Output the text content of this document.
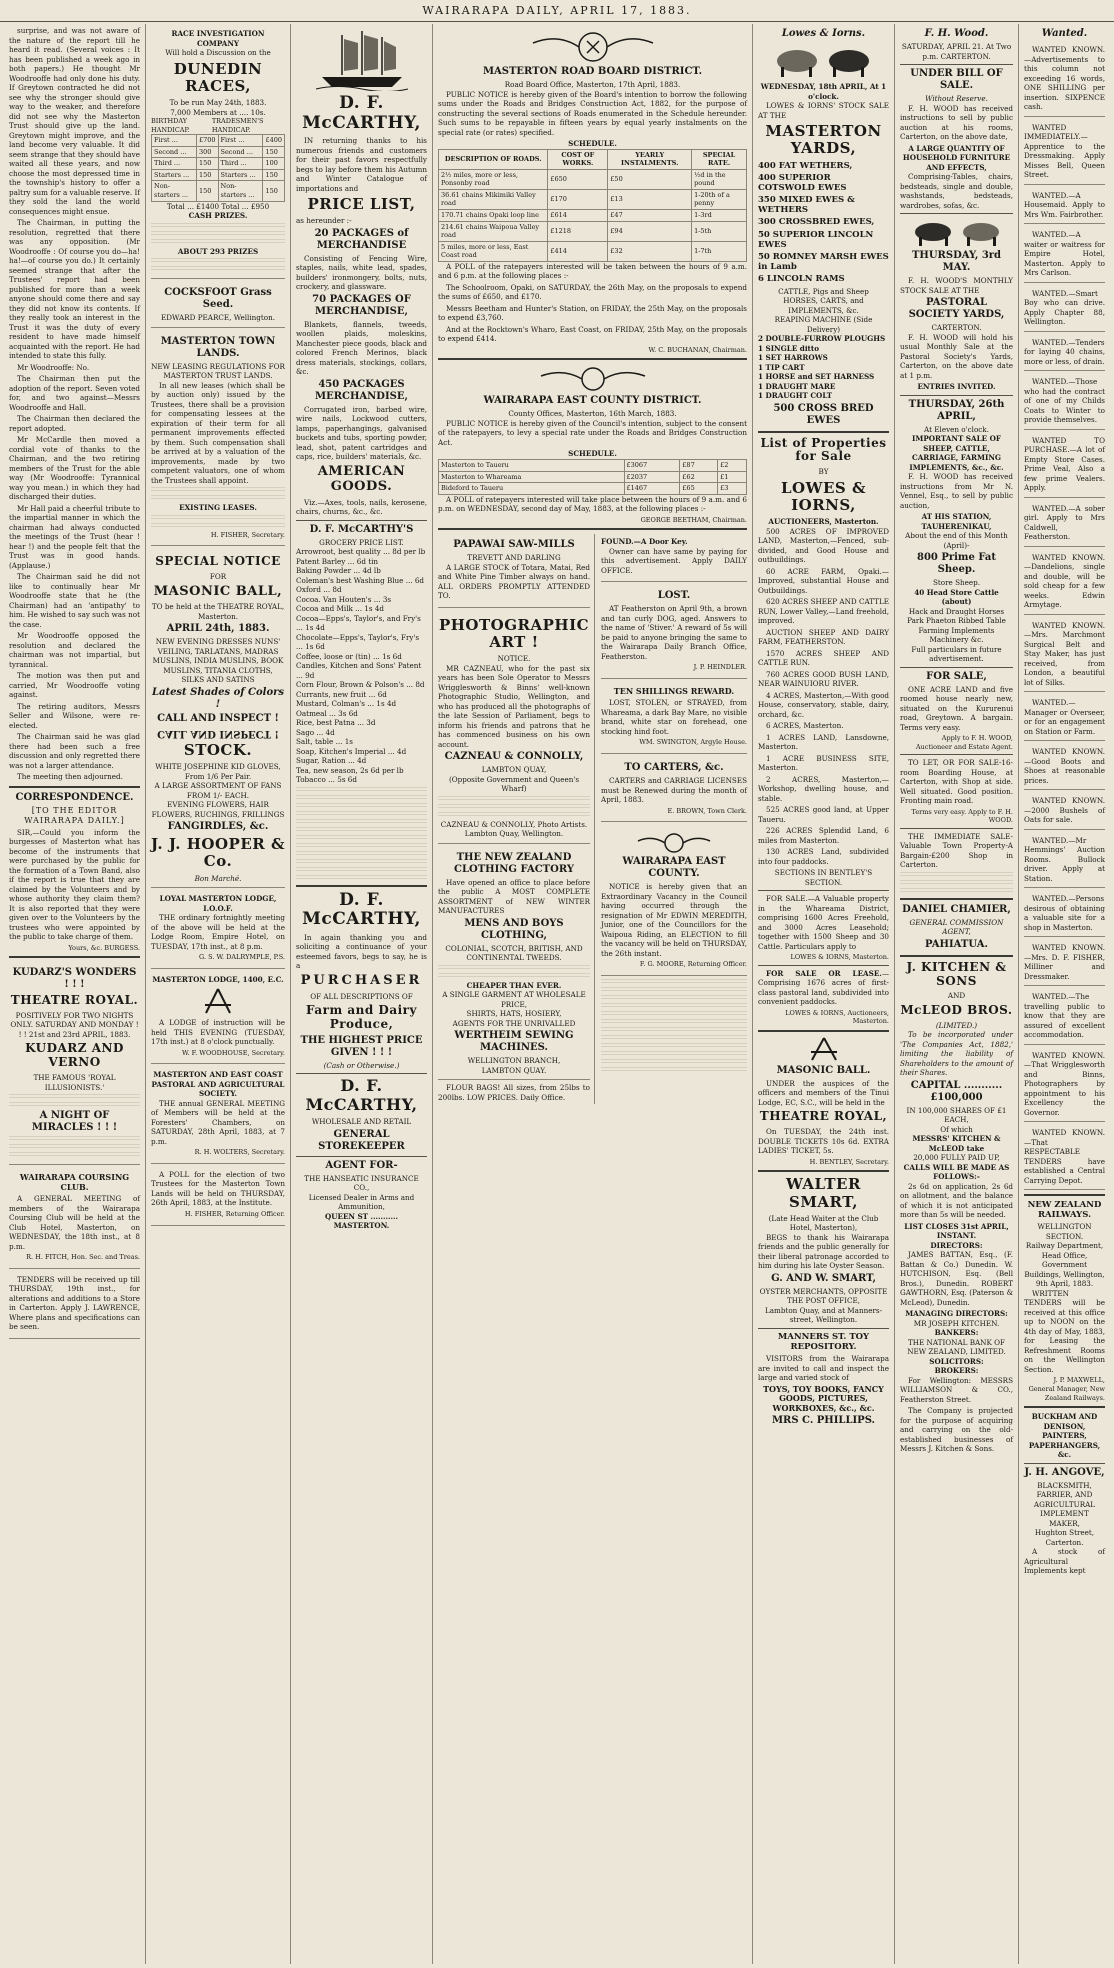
WAIRARAPA DAILY, APRIL 17, 1883.

surprise, and was not aware of the nature of the report till he heard it read. (Several voices : It has been published a week ago in both papers.) He thought Mr Woodrooffe had only done his duty. If Greytown contracted he did not see why the stronger should give way to the weaker, and therefore did not see why the Masterton Trust should give up the land. Greytown might improve, and the land become very valuable. It did seem strange that they should have waited all these years, and now choose the most depressed time in the township's history to offer a paltry sum for a valuable reserve. If they sold the land the world consequences might ensue.

The Chairman, in putting the resolution, regretted that there was any opposition. (Mr Woodrooffe : Of course you do—ha! ha!—of course you do.) It certainly seemed strange that after the Trustees' report had been published for more than a week anyone should come there and say they did not know its contents. If they really took an interest in the Trust it was the duty of every resident to have made himself acquainted with the report. He had intended to state this fully.

Mr Woodrooffe: No.

The Chairman then put the adoption of the report. Seven voted for, and two against—Messrs Woodrooffe and Hall.

The Chairman then declared the report adopted.

Mr McCardle then moved a cordial vote of thanks to the Chairman, and the two retiring members of the Trust for the able way (Mr Woodrooffe: Tyrannical way you mean.) in which they had discharged their duties.

Mr Hall paid a cheerful tribute to the impartial manner in which the chairman had always conducted the meetings of the Trust (hear ! hear !) and the people felt that the Trust was in good hands. (Applause.)

The Chairman said he did not like to continually hear Mr Woodrooffe state that he (the Chairman) had an 'antipathy' to him. He wished to say such was not the case.

Mr Woodrooffe opposed the resolution and declared the chairman was not impartial, but tyrannical.

The motion was then put and carried, Mr Woodrooffe voting against.

The retiring auditors, Messrs Seller and Wilsone, were re-elected.

The Chairman said he was glad there had been such a free discussion and only regretted there was not a larger attendance.

The meeting then adjourned.

CORRESPONDENCE.
[TO THE EDITOR WAIRARAPA DAILY.]

SIR,—Could you inform the burgesses of Masterton what has become of the instruments that were purchased by the public for the formation of a Town Band, also if the report is true that they are claimed by the Volunteers and by whose authority they claim them? It is also reported that they were given over to the Volunteers by the trustees who were appointed by the public to take charge of them.

Yours, &c. BURGESS.

KUDARZ'S WONDERS ! ! !
THEATRE ROYAL.
POSITIVELY FOR TWO NIGHTS ONLY. SATURDAY AND MONDAY ! ! ! 21st and 23rd APRIL, 1883.
KUDARZ AND VERNO
THE FAMOUS 'ROYAL ILLUSIONISTS.'
A NIGHT OF MIRACLES ! ! !
WAIRARAPA COURSING CLUB.

A GENERAL MEETING of members of the Wairarapa Coursing Club will be held at the Club Hotel, Masterton, on WEDNESDAY, the 18th inst., at 8 p.m.

R. H. FITCH, Hon. Sec. and Treas.

TENDERS will be received up till THURSDAY, 19th inst., for alterations and additions to a Store in Carterton. Apply J. LAWRENCE, Where plans and specifications can be seen.

RACE INVESTIGATION COMPANY
Will hold a Discussion on the
DUNEDIN RACES,
To be run May 24th, 1883.
7,000 Members at .... 10s.
BIRTHDAY HANDICAP.
TRADESMEN'S HANDICAP.
First ...	£700	First ...	£400
Second ...	300	Second ...	150
Third ...	150	Third ...	100
Starters ...	150	Starters ...	150
Non-starters ...	150	Non-starters ...	150
Total ... £1400 Total ... £950
CASH PRIZES.
ABOUT 293 PRIZES
COCKSFOOT Grass Seed.
EDWARD PEARCE, Wellington.
MASTERTON TOWN LANDS.
NEW LEASING REGULATIONS FOR MASTERTON TRUST LANDS.

In all new leases (which shall be by auction only) issued by the Trustees, there shall be a provision for compensating lessees at the expiration of their term for all permanent improvements effected by them. Such compensation shall be arrived at by a valuation of the improvements, made by two competent valuators, one of whom the Trustees shall appoint.

EXISTING LEASES.

H. FISHER, Secretary.

SPECIAL NOTICE
FOR
MASONIC BALL,
TO be held at the THEATRE ROYAL, Masterton.
APRIL 24th, 1883.
NEW EVENING DRESSES NUNS' VEILING, TARLATANS, MADRAS MUSLINS, INDIA MUSLINS, BOOK MUSLINS, TITANIA CLOTHS, SILKS AND SATINS
Latest Shades of Colors !
CALL AND INSPECT !
CALL AND INSPECT !
STOCK.
WHITE JOSEPHINE KID GLOVES, From 1/6 Per Pair.
A LARGE ASSORTMENT OF FANS FROM 1/- EACH.
EVENING FLOWERS, HAIR FLOWERS, RUCHINGS, FRILLINGS
FANGIRDLES, &c.
J. J. HOOPER & Co.
Bon Marché.
LOYAL MASTERTON LODGE, I.O.O.F.

THE ordinary fortnightly meeting of the above will be held at the Lodge Room, Empire Hotel, on TUESDAY, 17th inst., at 8 p.m.

G. S. W. DALRYMPLE, P.S.

MASTERTON LODGE, 1400, E.C.

A LODGE of instruction will be held THIS EVENING (TUESDAY, 17th inst.) at 8 o'clock punctually.

W. F. WOODHOUSE, Secretary.

MASTERTON AND EAST COAST PASTORAL AND AGRICULTURAL SOCIETY.

THE annual GENERAL MEETING of Members will be held at the Foresters' Chambers, on SATURDAY, 28th April, 1883, at 7 p.m.

R. H. WOLTERS, Secretary.

A POLL for the election of two Trustees for the Masterton Town Lands will be held on THURSDAY, 26th April, 1883, at the Institute.

H. FISHER, Returning Officer.

D. F. McCARTHY,

IN returning thanks to his numerous friends and customers for their past favors respectfully begs to lay before them his Autumn and Winter Catalogue of importations and

PRICE LIST,
as hereunder :-
20 PACKAGES of MERCHANDISE

Consisting of Fencing Wire, staples, nails, white lead, spades, builders' ironmongery, bolts, nuts, crockery, and glassware.

70 PACKAGES OF MERCHANDISE,

Blankets, flannels, tweeds, woollen plaids, moleskins, Manchester piece goods, black and colored French Merinos, black dress materials, stockings, collars, &c.

450 PACKAGES MERCHANDISE,

Corrugated iron, barbed wire, wire nails, Lockwood cutters, lamps, paperhangings, galvanised buckets and tubs, sporting powder, lead, shot, patent cartridges and caps, rice, builders' materials, &c.

AMERICAN GOODS.

Viz.—Axes, tools, nails, kerosene, chairs, churns, &c., &c.

D. F. McCARTHY'S
GROCERY PRICE LIST.
Arrowroot, best quality ... 8d per lb
Patent Barley ... 6d tin
Baking Powder ... 4d lb
Coleman's best Washing Blue ... 6d
Oxford ... 8d
Cocoa. Van Houten's ... 3s
Cocoa and Milk ... 1s 4d
Cocoa—Epps's, Taylor's, and Fry's ... 1s 4d
Chocolate—Epps's, Taylor's, Fry's ... 1s 6d
Coffee, loose or (tin) ... 1s 6d
Candles, Kitchen and Sons' Patent ... 9d
Corn Flour, Brown & Polson's ... 8d
Currants, new fruit ... 6d
Mustard, Colman's ... 1s 4d
Oatmeal ... 3s 6d
Rice, best Patna ... 3d
Sago ... 4d
Salt, table ... 1s
Soap, Kitchen's Imperial ... 4d
Sugar, Ration ... 4d
Tea, new season, 2s 6d per lb
Tobacco ... 5s 6d
D. F. McCARTHY,

In again thanking you and soliciting a continuance of your esteemed favors, begs to say, he is a

PURCHASER
OF ALL DESCRIPTIONS OF
Farm and Dairy Produce,
THE HIGHEST PRICE GIVEN ! ! !
(Cash or Otherwise.)
D. F. McCARTHY,
WHOLESALE AND RETAIL
GENERAL STOREKEEPER
AGENT FOR-
THE HANSEATIC INSURANCE CO.,
Licensed Dealer in Arms and Ammunition,
QUEEN ST ........... MASTERTON.
MASTERTON ROAD BOARD DISTRICT.
Road Board Office, Masterton, 17th April, 1883.

PUBLIC NOTICE is hereby given of the Board's intention to borrow the following sums under the Roads and Bridges Construction Act, 1882, for the purpose of constructing the several sections of Roads enumerated in the Schedule hereunder. Such sums to be repayable in fifteen years by equal yearly instalments on the special rate (or rates) specified.

SCHEDULE.
DESCRIPTION OF ROADS.	COST OF WORKS.	YEARLY INSTALMENTS.	SPECIAL RATE.
2½ miles, more or less, Ponsonby road	£650	£50	½d in the pound
36.61 chains Mikimiki Valley road	£170	£13	1-20th of a penny
170.71 chains Opaki loop line	£614	£47	1-3rd
214.61 chains Waipoua Valley road	£1218	£94	1-5th
5 miles, more or less, East Coast road	£414	£32	1-7th

A POLL of the ratepayers interested will be taken between the hours of 9 a.m. and 6 p.m. at the following places :-

The Schoolroom, Opaki, on SATURDAY, the 26th May, on the proposals to expend the sums of £650, and £170.

Messrs Beetham and Hunter's Station, on FRIDAY, the 25th May, on the proposals to expend £3,760.

And at the Rocktown's Wharo, East Coast, on FRIDAY, 25th May, on the proposals to expend £414.

W. C. BUCHANAN, Chairman.

WAIRARAPA EAST COUNTY DISTRICT.
County Offices, Masterton, 16th March, 1883.

PUBLIC NOTICE is hereby given of the Council's intention, subject to the consent of the ratepayers, to levy a special rate under the Roads and Bridges Construction Act.

SCHEDULE.
Masterton to Taueru	£3067	£87	£2
Masterton to Whareama	£2037	£62	£1
Bideford to Taueru	£1467	£65	£3

A POLL of ratepayers interested will take place between the hours of 9 a.m. and 6 p.m. on WEDNESDAY, second day of May, 1883, at the following places :-

GEORGE BEETHAM, Chairman.

PAPAWAI SAW-MILLS
TREVETT AND DARLING

A LARGE STOCK of Totara, Matai, Red and White Pine Timber always on hand. ALL ORDERS PROMPTLY ATTENDED TO.

PHOTOGRAPHIC ART !
NOTICE.

MR CAZNEAU, who for the past six years has been Sole Operator to Messrs Wrigglesworth & Binns' well-known Photographic Studio, Wellington, and who has produced all the photographs of the late Session of Parliament, begs to inform his friends and patrons that he has commenced business on his own account.

CAZNEAU & CONNOLLY,
LAMBTON QUAY,
(Opposite Government and Queen's Wharf)
CAZNEAU & CONNOLLY, Photo Artists.
Lambton Quay, Wellington.
THE NEW ZEALAND CLOTHING FACTORY

Have opened an office to place before the public A MOST COMPLETE ASSORTMENT of NEW WINTER MANUFACTURES

MENS AND BOYS CLOTHING,
COLONIAL, SCOTCH, BRITISH, AND CONTINENTAL TWEEDS.
CHEAPER THAN EVER.
A SINGLE GARMENT AT WHOLESALE PRICE,
SHIRTS, HATS, HOSIERY,
AGENTS FOR THE UNRIVALLED
WERTHEIM SEWING MACHINES.
WELLINGTON BRANCH,
LAMBTON QUAY.

FLOUR BAGS! All sizes, from 25lbs to 200lbs. LOW PRICES. Daily Office.

FOUND.—A Door Key.

Owner can have same by paying for this advertisement. Apply DAILY OFFICE.

LOST.

AT Featherston on April 9th, a brown and tan curly DOG, aged. Answers to the name of 'Stiver.' A reward of 5s will be paid to anyone bringing the same to the Wairarapa Daily Branch Office, Featherston.

J. P. HEINDLER.

TEN SHILLINGS REWARD.

LOST, STOLEN, or STRAYED, from Whareama, a dark Bay Mare, no visible brand, white star on forehead, one stocking hind foot.

WM. SWINGTON, Argyle House.

TO CARTERS, &c.

CARTERS and CARRIAGE LICENSES must be Renewed during the month of April, 1883.

E. BROWN, Town Clerk.

WAIRARAPA EAST COUNTY.

NOTICE is hereby given that an Extraordinary Vacancy in the Council having occurred through the resignation of Mr EDWIN MEREDITH, Junior, one of the Councillors for the Waipoua Riding, an ELECTION to fill the vacancy will be held on THURSDAY, the 26th instant.

F. G. MOORE, Returning Officer.

Lowes & Iorns.
WEDNESDAY, 18th APRIL, At 1 o'clock.

LOWES & IORNS' STOCK SALE AT THE

MASTERTON YARDS,
400 FAT WETHERS,
400 SUPERIOR COTSWOLD EWES
350 MIXED EWES & WETHERS
300 CROSSBRED EWES,
50 SUPERIOR LINCOLN EWES
50 ROMNEY MARSH EWES in Lamb
6 LINCOLN RAMS
CATTLE, Pigs and Sheep
HORSES, CARTS, and IMPLEMENTS, &c.
REAPING MACHINE (Side Delivery)
2 DOUBLE-FURROW PLOUGHS
1 SINGLE ditto
1 SET HARROWS
1 TIP CART
1 HORSE and SET HARNESS
1 DRAUGHT MARE
1 DRAUGHT COLT
500 CROSS BRED EWES
List of Properties for Sale
BY
LOWES & IORNS,
AUCTIONEERS, Masterton.

500 ACRES OF IMPROVED LAND, Masterton,—Fenced, sub-divided, and Good House and outbuildings.

60 ACRE FARM, Opaki.—Improved, substantial House and Outbuildings.

620 ACRES SHEEP AND CATTLE RUN, Lower Valley,—Land freehold, improved.

AUCTION SHEEP AND DAIRY FARM, FEATHERSTON.

1570 ACRES SHEEP AND CATTLE RUN.

760 ACRES GOOD BUSH LAND, NEAR WAINUIORU RIVER.

4 ACRES, Masterton,—With good House, conservatory, stable, dairy, orchard, &c.

6 ACRES, Masterton.

1 ACRES LAND, Lansdowne, Masterton.

1 ACRE BUSINESS SITE, Masterton.

2 ACRES, Masterton,—Workshop, dwelling house, and stable.

525 ACRES good land, at Upper Taueru.

226 ACRES Splendid Land, 6 miles from Masterton.

130 ACRES Land, subdivided into four paddocks.

SECTIONS IN BENTLEY'S SECTION.

FOR SALE.—A Valuable property in the Whareama District, comprising 1600 Acres Freehold, and 3000 Acres Leasehold; together with 1500 Sheep and 30 Cattle. Particulars apply to

LOWES & IORNS, Masterton.

FOR SALE OR LEASE.—Comprising 1676 acres of first-class pastoral land, subdivided into convenient paddocks.

LOWES & IORNS, Auctioneers, Masterton.

MASONIC BALL.

UNDER the auspices of the officers and members of the Tinui Lodge, EC, S.C., will be held in the

THEATRE ROYAL,

On TUESDAY, the 24th inst. DOUBLE TICKETS 10s 6d. EXTRA LADIES' TICKET, 5s.

H. BENTLEY, Secretary.

WALTER SMART,
(Late Head Waiter at the Club Hotel, Masterton),

BEGS to thank his Wairarapa friends and the public generally for their liberal patronage accorded to him during his late Oyster Season.

G. AND W. SMART,
OYSTER MERCHANTS, OPPOSITE THE POST OFFICE,
Lambton Quay, and at Manners-street, Wellington.
MANNERS ST. TOY REPOSITORY.

VISITORS from the Wairarapa are invited to call and inspect the large and varied stock of

TOYS, TOY BOOKS, FANCY GOODS, PICTURES, WORKBOXES, &c., &c.
MRS C. PHILLIPS.
F. H. Wood.
SATURDAY, APRIL 21. At Two p.m. CARTERTON.
UNDER BILL OF SALE.
Without Reserve.

F. H. WOOD has received instructions to sell by public auction at his rooms, Carterton, on the above date,

A LARGE QUANTITY OF HOUSEHOLD FURNITURE AND EFFECTS,

Comprising-Tables, chairs, bedsteads, single and double, washstands, bedsteads, wardrobes, sofas, &c.

THURSDAY, 3rd MAY.

F. H. WOOD'S MONTHLY STOCK SALE AT THE

PASTORAL SOCIETY YARDS,
CARTERTON.

F. H. WOOD will hold his usual Monthly Sale at the Pastoral Society's Yards, Carterton, on the above date at 1 p.m.

ENTRIES INVITED.
THURSDAY, 26th APRIL,
At Eleven o'clock.
IMPORTANT SALE OF SHEEP, CATTLE, CARRIAGE, FARMING IMPLEMENTS, &c., &c.

F. H. WOOD has received instructions from Mr N. Vennel, Esq., to sell by public auction,

AT HIS STATION, TAUHERENIKAU,
About the end of this Month (April)-
800 Prime Fat Sheep.
Store Sheep.
40 Head Store Cattle (about)
Hack and Draught Horses Park Phaeton Ribbed Table Farming Implements Machinery &c.
Full particulars in future advertisement.
FOR SALE,

ONE ACRE LAND and five roomed house nearly new, situated on the Kururenui road, Greytown. A bargain. Terms very easy.

Apply to F. H. WOOD, Auctioneer and Estate Agent.

TO LET, OR FOR SALE-16-room Boarding House, at Carterton, with Shop at side. Well situated. Good position. Fronting main road.

Terms very easy. Apply to F. H. WOOD.

THE IMMEDIATE SALE-Valuable Town Property-A Bargain-£200 Shop in Carterton.

DANIEL CHAMIER,
GENERAL COMMISSION AGENT,
PAHIATUA.
J. KITCHEN & SONS
AND
McLEOD BROS.
(LIMITED.)

To be incorporated under 'The Companies Act, 1882,' limiting the liability of Shareholders to the amount of their Shares.

CAPITAL ........... £100,000
IN 100,000 SHARES OF £1 EACH,
Of which
MESSRS' KITCHEN & McLEOD take
20,000 FULLY PAID UP,
CALLS WILL BE MADE AS FOLLOWS:-

2s 6d on application, 2s 6d on allotment, and the balance of which it is not anticipated more than 5s will be needed.

LIST CLOSES 31st APRIL, INSTANT.
DIRECTORS:

JAMES BATTAN, Esq., (F. Battan & Co.) Dunedin. W. HUTCHISON, Esq. (Bell Bros.), Dunedin. ROBERT GAWTHORN, Esq. (Paterson & McLeod), Dunedin.

MANAGING DIRECTORS:
MR JOSEPH KITCHEN.
BANKERS:
THE NATIONAL BANK OF NEW ZEALAND, LIMITED.
SOLICITORS:
BROKERS:

For Wellington: MESSRS WILLIAMSON & CO., Featherston Street.

The Company is projected for the purpose of acquiring and carrying on the old-established businesses of Messrs J. Kitchen & Sons.

Wanted.

WANTED KNOWN.—Advertisements to this column not exceeding 16 words, ONE SHILLING per insertion. SIXPENCE cash.

WANTED IMMEDIATELY.—Apprentice to the Dressmaking. Apply Misses Bell, Queen Street.

WANTED.—A Housemaid. Apply to Mrs Wm. Fairbrother.

WANTED.—A waiter or waitress for Empire Hotel, Masterton. Apply to Mrs Carlson.

WANTED.—Smart Boy who can drive. Apply Chapter 88, Wellington.

WANTED.—Tenders for laying 40 chains, more or less, of drain.

WANTED.—Those who had the contract of one of my Childs Coats to Winter to provide themselves.

WANTED TO PURCHASE.—A lot of Empty Store Cases. Prime Veal, Also a few prime Vealers. Apply.

WANTED.—A sober girl. Apply to Mrs Caldwell, Featherston.

WANTED KNOWN.—Dandelions, single and double, will be sold cheap for a few weeks. Edwin Armytage.

WANTED KNOWN.—Mrs. Marchmont Surgical Belt and Stay Maker, has just received, from London, a beautiful lot of Silks.

WANTED.—Manager or Overseer, or for an engagement on Station or Farm.

WANTED KNOWN.—Good Boots and Shoes at reasonable prices.

WANTED KNOWN.—2000 Bushels of Oats for sale.

WANTED.—Mr Hemmings' Auction Rooms. Bullock driver. Apply at Station.

WANTED.—Persons desirous of obtaining a valuable site for a shop in Masterton.

WANTED KNOWN.—Mrs. D. F. FISHER, Milliner and Dressmaker.

WANTED.—The travelling public to know that they are assured of excellent accommodation.

WANTED KNOWN.—That Wrigglesworth and Binns, Photographers by appointment to his Excellency the Governor.

WANTED KNOWN.—That RESPECTABLE TENDERS have established a Central Carrying Depot.

NEW ZEALAND RAILWAYS.
WELLINGTON SECTION.
Railway Department, Head Office, Government Buildings, Wellington, 9th April, 1883.

WRITTEN TENDERS will be received at this office up to NOON on the 4th day of May, 1883, for Leasing the Refreshment Rooms on the Wellington Section.

J. P. MAXWELL, General Manager, New Zealand Railways.

BUCKHAM AND DENISON, PAINTERS, PAPERHANGERS, &c.
J. H. ANGOVE,
BLACKSMITH, FARRIER, AND AGRICULTURAL IMPLEMENT MAKER,
Hughton Street, Carterton.

A stock of Agricultural Implements kept
